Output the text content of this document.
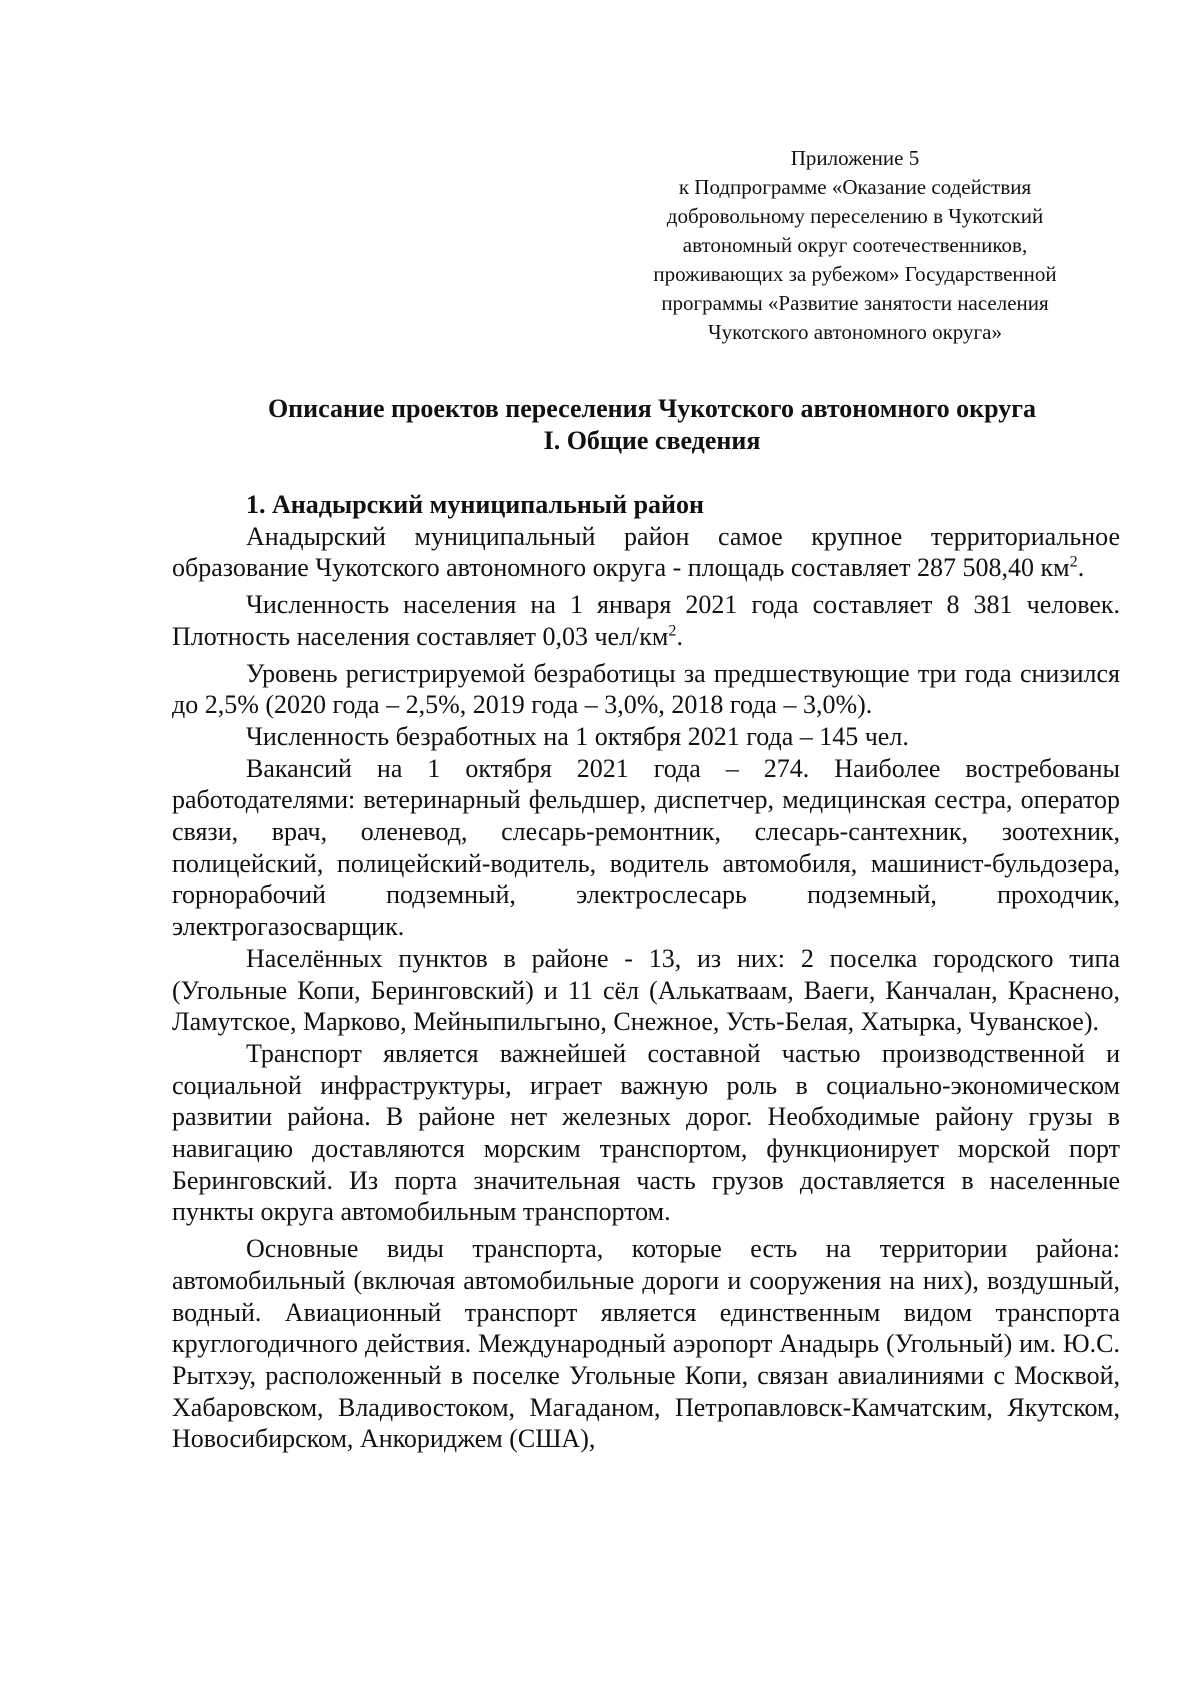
Приложение 5
к Подпрограмме «Оказание содействия
добровольному переселению в Чукотский
автономный округ соотечественников,
проживающих за рубежом» Государственной
программы «Развитие занятости населения
Чукотского автономного округа»
Описание проектов переселения Чукотского автономного округа
I. Общие сведения

1. Анадырский муниципальный район

Анадырский муниципальный район самое крупное территориальное образование Чукотского автономного округа - площадь составляет 287 508,40 $км^2$.

Численность населения на 1 января 2021 года составляет 8 381 человек. Плотность населения составляет 0,03 чел/$км^2$.

Уровень регистрируемой безработицы за предшествующие три года снизился до 2,5% (2020 года – 2,5%, 2019 года – 3,0%, 2018 года – 3,0%).

Численность безработных на 1 октября 2021 года – 145 чел.

Вакансий на 1 октября 2021 года – 274. Наиболее востребованы работодателями: ветеринарный фельдшер, диспетчер, медицинская сестра, оператор связи, врач, оленевод, слесарь-ремонтник, слесарь-сантехник, зоотехник, полицейский, полицейский-водитель, водитель автомобиля, машинист-бульдозера, горнорабочий подземный, электрослесарь подземный, проходчик, электрогазосварщик.

Населённых пунктов в районе - 13, из них: 2 поселка городского типа (Угольные Копи, Беринговский) и 11 сёл (Алькатваам, Ваеги, Канчалан, Краснено, Ламутское, Марково, Мейныпильгыно, Снежное, Усть-Белая, Хатырка, Чуванское).

Транспорт является важнейшей составной частью производственной и социальной инфраструктуры, играет важную роль в социально-экономическом развитии района. В районе нет железных дорог. Необходимые району грузы в навигацию доставляются морским транспортом, функционирует морской порт Беринговский. Из порта значительная часть грузов доставляется в населенные пункты округа автомобильным транспортом.

Основные виды транспорта, которые есть на территории района: автомобильный (включая автомобильные дороги и сооружения на них), воздушный, водный. Авиационный транспорт является единственным видом транспорта круглогодичного действия. Международный аэропорт Анадырь (Угольный) им. Ю.С. Рытхэу, расположенный в поселке Угольные Копи, связан авиалиниями с Москвой, Хабаровском, Владивостоком, Магаданом, Петропавловск-Камчатским, Якутском, Новосибирском, Анкориджем (США),
